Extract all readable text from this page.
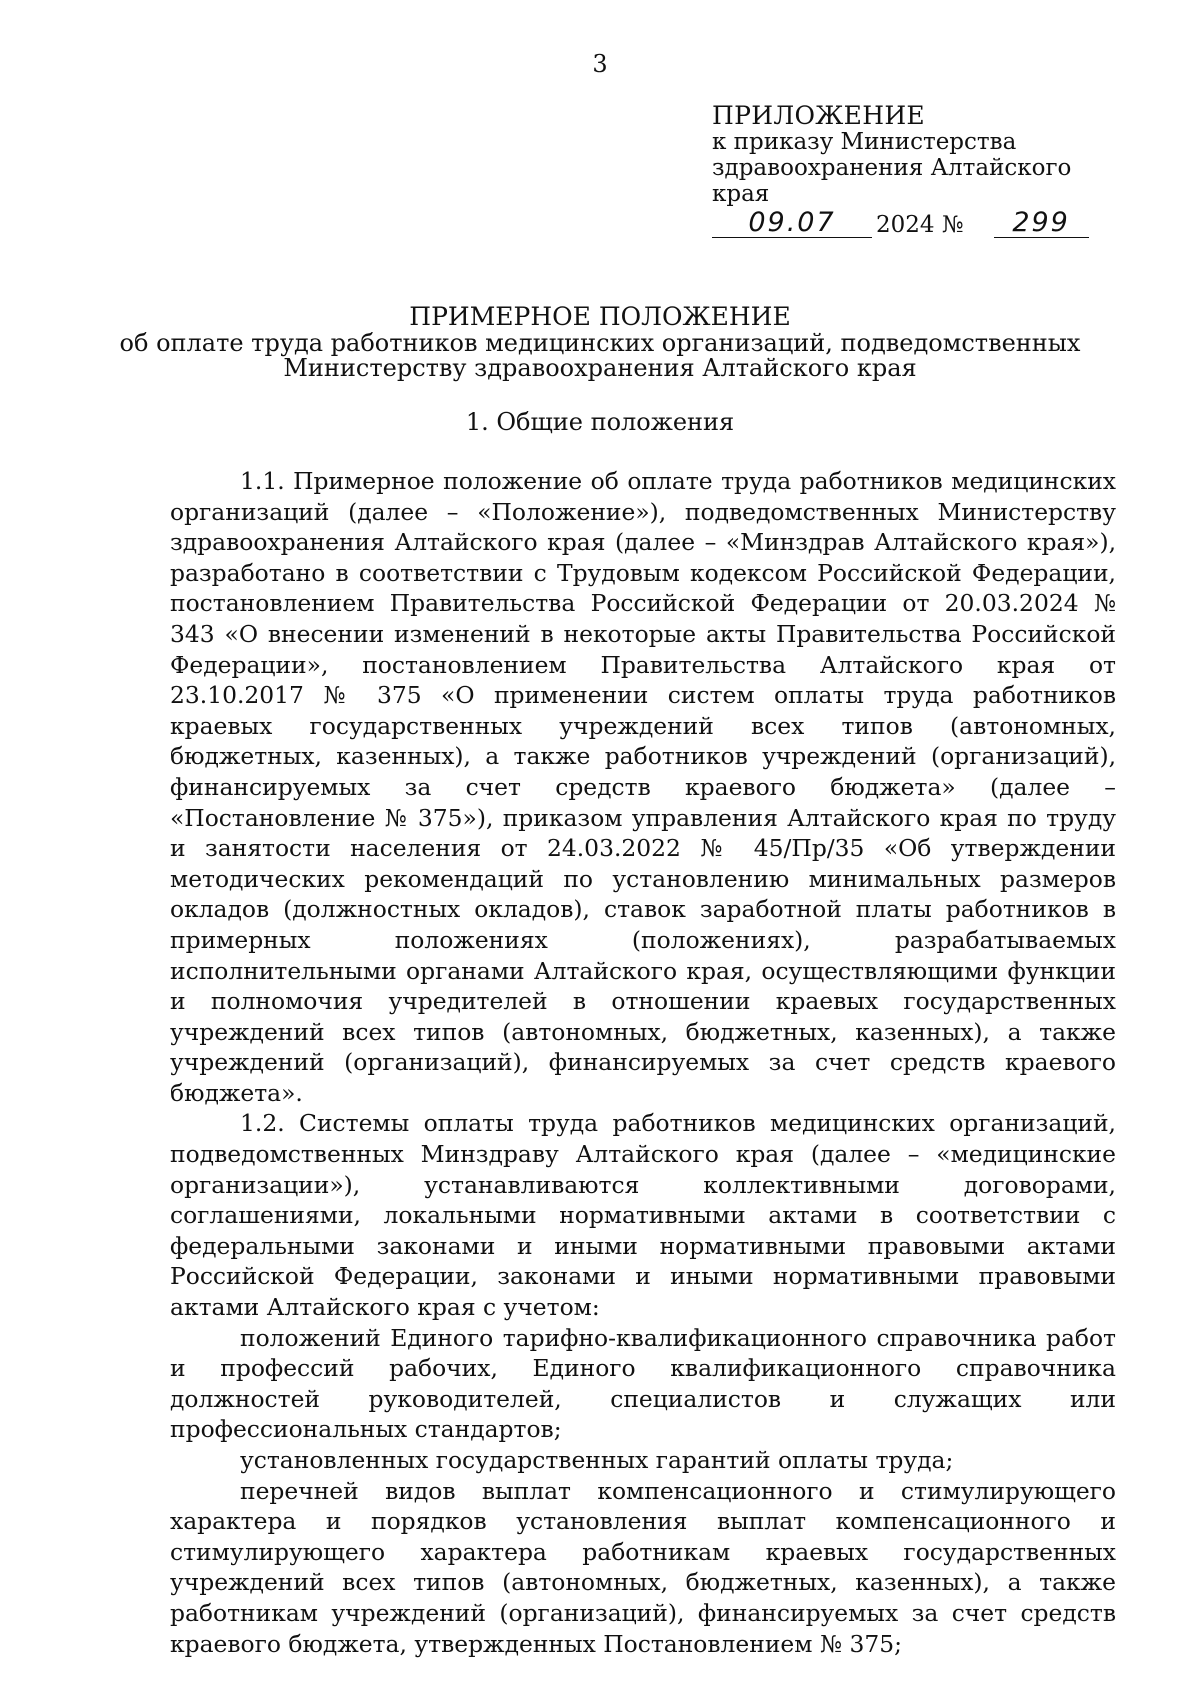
3
ПРИЛОЖЕНИЕ
к приказу Министерства
здравоохранения Алтайского края
09.07	2024 №	299
ПРИМЕРНОЕ ПОЛОЖЕНИЕ
об оплате труда работников медицинских организаций, подведомственных
Министерству здравоохранения Алтайского края
1. Общие положения

1.1. Примерное положение об оплате труда работников медицинских организаций (далее – «Положение»), подведомственных Министерству здравоохранения Алтайского края (далее – «Минздрав Алтайского края»), разработано в соответствии с Трудовым кодексом Российской Федерации, постановлением Правительства Российской Федерации от 20.03.2024 № 343 «О внесении изменений в некоторые акты Правительства Российской Федерации», постановлением Правительства Алтайского края от 23.10.2017 № 375 «О применении систем оплаты труда работников краевых государственных учреждений всех типов (автономных, бюджетных, казенных), а также работников учреждений (организаций), финансируемых за счет средств краевого бюджета» (далее – «Постановление № 375»), приказом управления Алтайского края по труду и занятости населения от 24.03.2022 № 45/Пр/35 «Об утверждении методических рекомендаций по установлению минимальных размеров окладов (должностных окладов), ставок заработной платы работников в примерных положениях (положениях), разрабатываемых исполнительными органами Алтайского края, осуществляющими функции и полномочия учредителей в отношении краевых государственных учреждений всех типов (автономных, бюджетных, казенных), а также учреждений (организаций), финансируемых за счет средств краевого бюджета».

1.2. Системы оплаты труда работников медицинских организаций, подведомственных Минздраву Алтайского края (далее – «медицинские организации»), устанавливаются коллективными договорами, соглашениями, локальными нормативными актами в соответствии с федеральными законами и иными нормативными правовыми актами Российской Федерации, законами и иными нормативными правовыми актами Алтайского края с учетом:

положений Единого тарифно-квалификационного справочника работ и профессий рабочих, Единого квалификационного справочника должностей руководителей, специалистов и служащих или профессиональных стандартов;

установленных государственных гарантий оплаты труда;

перечней видов выплат компенсационного и стимулирующего характера и порядков установления выплат компенсационного и стимулирующего характера работникам краевых государственных учреждений всех типов (автономных, бюджетных, казенных), а также работникам учреждений (организаций), финансируемых за счет средств краевого бюджета, утвержденных Постановлением № 375;
